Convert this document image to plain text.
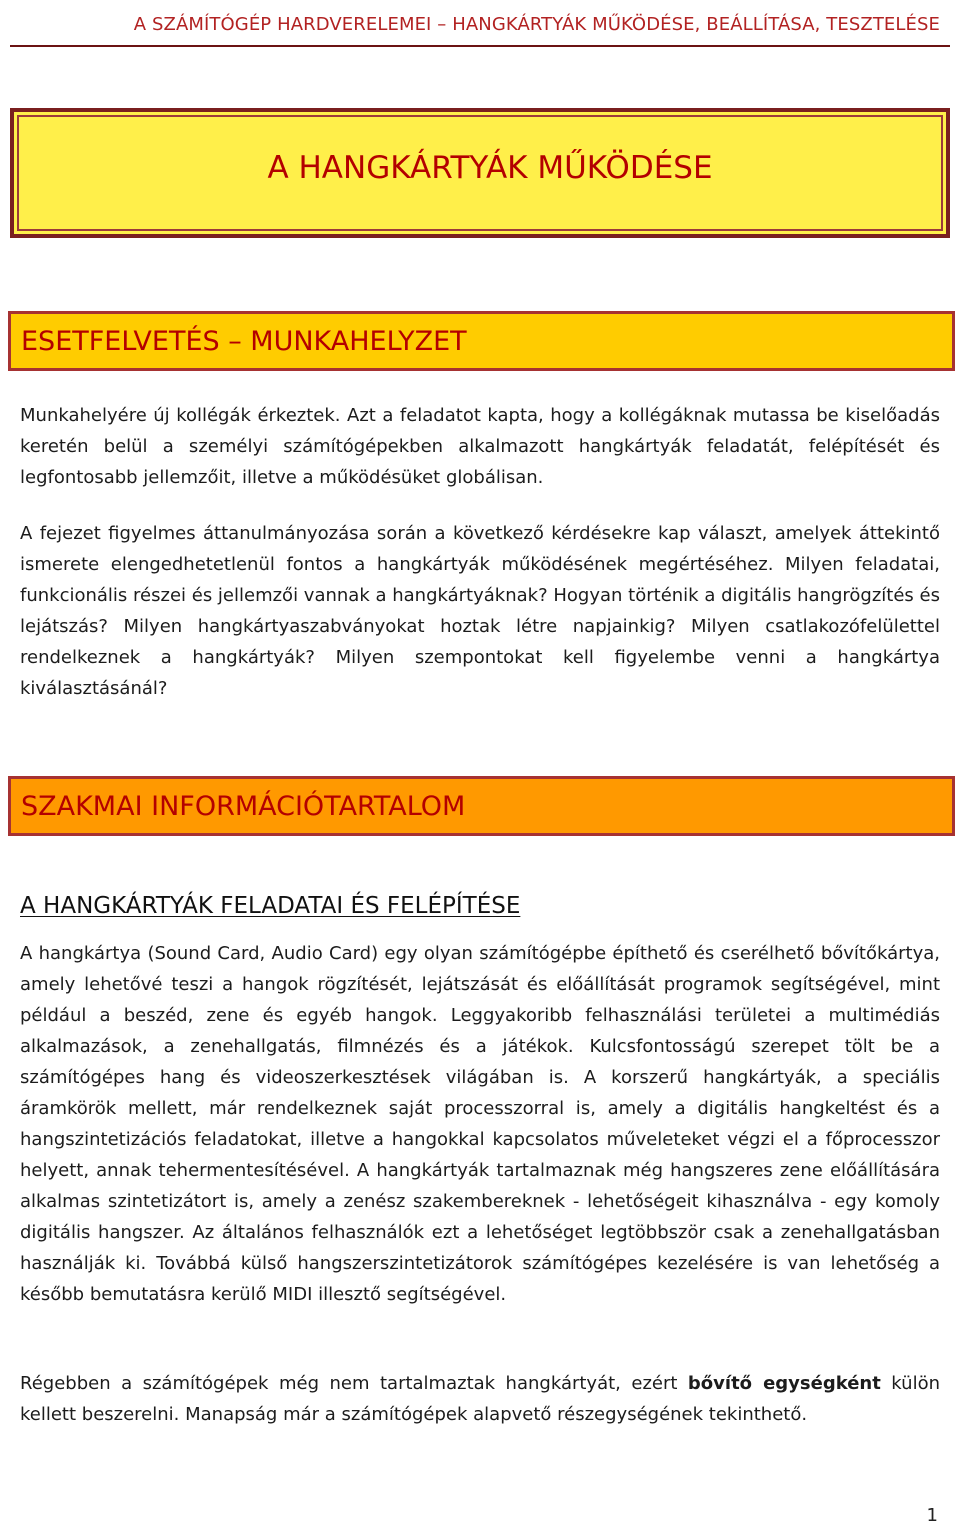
A SZÁMÍTÓGÉP HARDVERELEMEI – HANGKÁRTYÁK MŰKÖDÉSE, BEÁLLÍTÁSA, TESZTELÉSE
A HANGKÁRTYÁK MŰKÖDÉSE
ESETFELVETÉS – MUNKAHELYZET

Munkahelyére új kollégák érkeztek. Azt a feladatot kapta, hogy a kollégáknak mutassa be kiselőadás keretén belül a személyi számítógépekben alkalmazott hangkártyák feladatát, felépítését és legfontosabb jellemzőit, illetve a működésüket globálisan.

A fejezet figyelmes áttanulmányozása során a következő kérdésekre kap választ, amelyek áttekintő ismerete elengedhetetlenül fontos a hangkártyák működésének megértéséhez. Milyen feladatai, funkcionális részei és jellemzői vannak a hangkártyáknak? Hogyan történik a digitális hangrögzítés és lejátszás? Milyen hangkártyaszabványokat hoztak létre napjainkig? Milyen csatlakozófelülettel rendelkeznek a hangkártyák? Milyen szempontokat kell figyelembe venni a hangkártya kiválasztásánál?

SZAKMAI INFORMÁCIÓTARTALOM
A HANGKÁRTYÁK FELADATAI ÉS FELÉPÍTÉSE

A hangkártya (Sound Card, Audio Card) egy olyan számítógépbe építhető és cserélhető bővítőkártya, amely lehetővé teszi a hangok rögzítését, lejátszását és előállítását programok segítségével, mint például a beszéd, zene és egyéb hangok. Leggyakoribb felhasználási területei a multimédiás alkalmazások, a zenehallgatás, filmnézés és a játékok. Kulcsfontosságú szerepet tölt be a számítógépes hang és videoszerkesztések világában is. A korszerű hangkártyák, a speciális áramkörök mellett, már rendelkeznek saját processzorral is, amely a digitális hangkeltést és a hangszintetizációs feladatokat, illetve a hangokkal kapcsolatos műveleteket végzi el a főprocesszor helyett, annak tehermentesítésével. A hangkártyák tartalmaznak még hangszeres zene előállítására alkalmas szintetizátort is, amely a zenész szakembereknek - lehetőségeit kihasználva - egy komoly digitális hangszer. Az általános felhasználók ezt a lehetőséget legtöbbször csak a zenehallgatásban használják ki. Továbbá külső hangszerszintetizátorok számítógépes kezelésére is van lehetőség a később bemutatásra kerülő MIDI illesztő segítségével.

Régebben a számítógépek még nem tartalmaztak hangkártyát, ezért bővítő egységként külön kellett beszerelni. Manapság már a számítógépek alapvető részegységének tekinthető.

1
